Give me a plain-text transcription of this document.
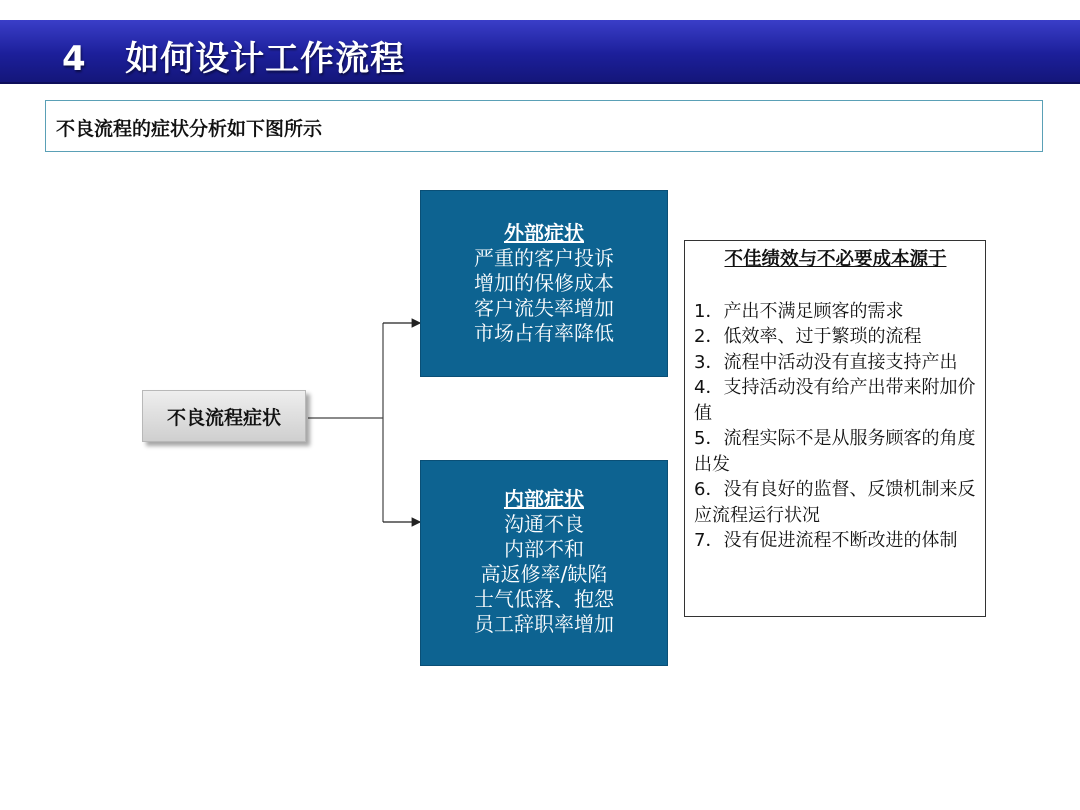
4 如何设计工作流程
不良流程的症状分析如下图所示
不良流程症状
外部症状
严重的客户投诉
增加的保修成本
客户流失率增加
市场占有率降低
内部症状
沟通不良
内部不和
高返修率/缺陷
士气低落、抱怨
员工辞职率增加
不佳绩效与不必要成本源于
1．产出不满足顾客的需求
2．低效率、过于繁琐的流程
3．流程中活动没有直接支持产出
4．支持活动没有给产出带来附加价值
5．流程实际不是从服务顾客的角度出发
6．没有良好的监督、反馈机制来反应流程运行状况
7．没有促进流程不断改进的体制
